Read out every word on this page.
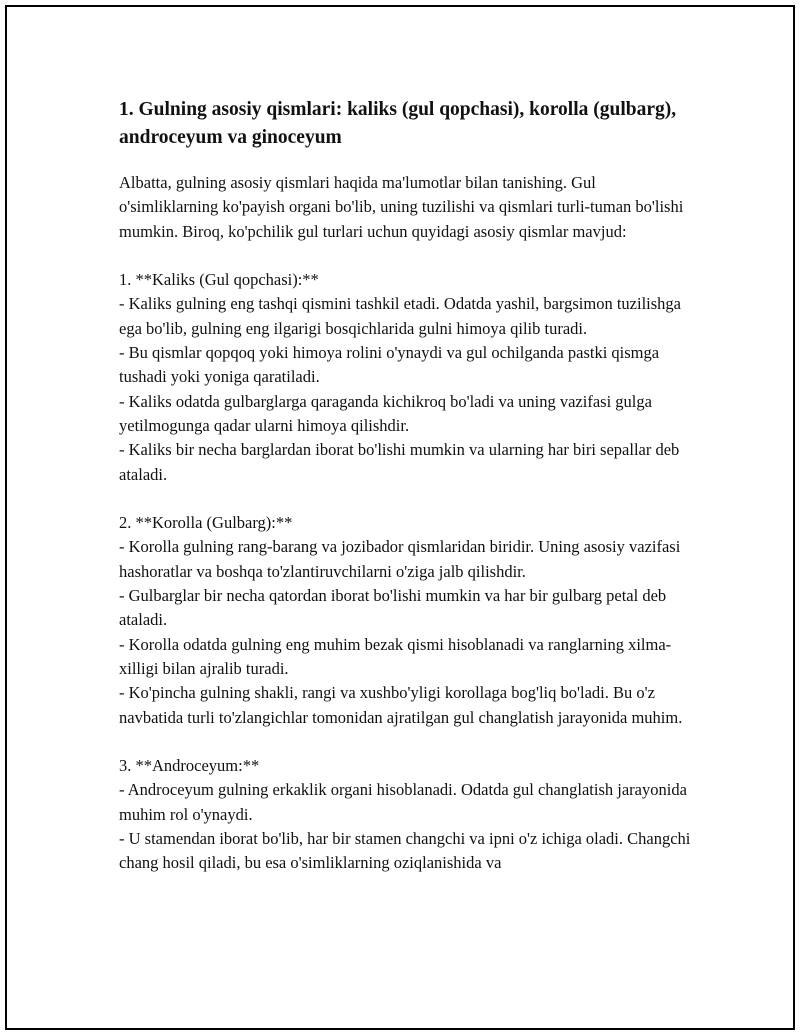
1. Gulning asosiy qismlari: kaliks (gul qopchasi), korolla (gulbarg), androceyum va ginoceyum

Albatta, gulning asosiy qismlari haqida ma'lumotlar bilan tanishing. Gul o'simliklarning ko'payish organi bo'lib, uning tuzilishi va qismlari turli-tuman bo'lishi mumkin. Biroq, ko'pchilik gul turlari uchun quyidagi asosiy qismlar mavjud:

1. **Kaliks (Gul qopchasi):**
- Kaliks gulning eng tashqi qismini tashkil etadi. Odatda yashil, bargsimon tuzilishga ega bo'lib, gulning eng ilgarigi bosqichlarida gulni himoya qilib turadi.
- Bu qismlar qopqoq yoki himoya rolini o'ynaydi va gul ochilganda pastki qismga tushadi yoki yoniga qaratiladi.
- Kaliks odatda gulbarglarga qaraganda kichikroq bo'ladi va uning vazifasi gulga yetilmogunga qadar ularni himoya qilishdir.
- Kaliks bir necha barglardan iborat bo'lishi mumkin va ularning har biri sepallar deb ataladi.

2. **Korolla (Gulbarg):**
- Korolla gulning rang-barang va jozibador qismlaridan biridir. Uning asosiy vazifasi hashoratlar va boshqa to'zlantiruvchilarni o'ziga jalb qilishdir.
- Gulbarglar bir necha qatordan iborat bo'lishi mumkin va har bir gulbarg petal deb ataladi.
- Korolla odatda gulning eng muhim bezak qismi hisoblanadi va ranglarning xilma-xilligi bilan ajralib turadi.
- Ko'pincha gulning shakli, rangi va xushbo'yligi korollaga bog'liq bo'ladi. Bu o'z navbatida turli to'zlangichlar tomonidan ajratilgan gul changlatish jarayonida muhim.

3. **Androceyum:**
- Androceyum gulning erkaklik organi hisoblanadi. Odatda gul changlatish jarayonida muhim rol o'ynaydi.
- U stamendan iborat bo'lib, har bir stamen changchi va ipni o'z ichiga oladi. Changchi chang hosil qiladi, bu esa o'simliklarning oziqlanishida va
